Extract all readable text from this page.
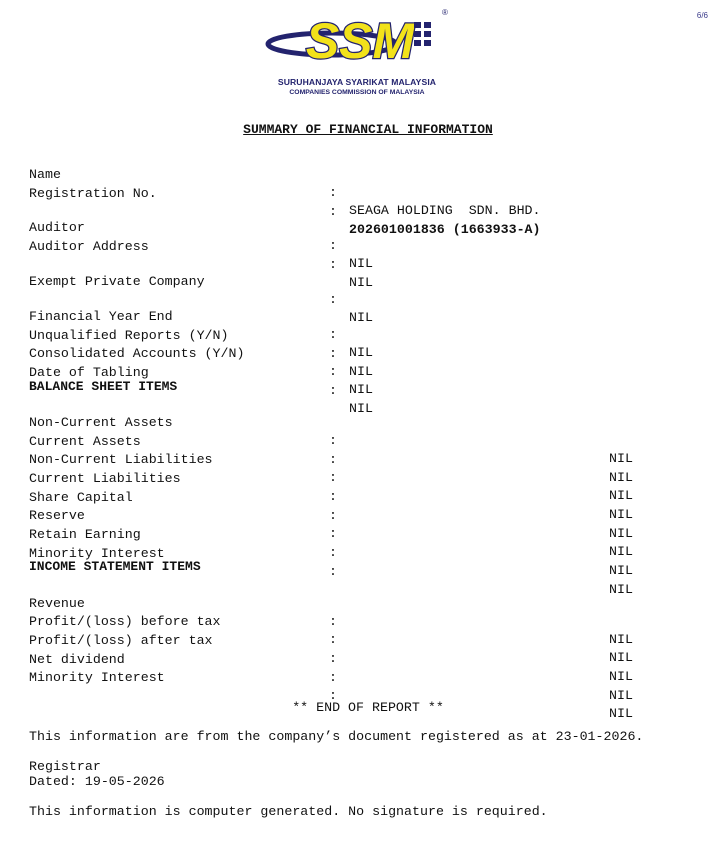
6/6
SSM
®
SURUHANJAYA SYARIKAT MALAYSIA
COMPANIES COMMISSION OF MALAYSIA
SUMMARY OF FINANCIAL INFORMATION

Name

:

SEAGA HOLDING  SDN. BHD.

Registration No.

:

202601001836 (1663933-A)

Auditor

:

NIL

Auditor Address

:

NIL

Exempt Private Company

:

NIL

Financial Year End

:

NIL

Unqualified Reports (Y/N)

:

NIL

Consolidated Accounts (Y/N)

:

NIL

Date of Tabling

:

NIL

BALANCE SHEET ITEMS

Non-Current Assets

:

NIL

Current Assets

:

NIL

Non-Current Liabilities

:

NIL

Current Liabilities

:

NIL

Share Capital

:

NIL

Reserve

:

NIL

Retain Earning

:

NIL

Minority Interest

:

NIL

INCOME STATEMENT ITEMS

Revenue

:

NIL

Profit/(loss) before tax

:

NIL

Profit/(loss) after tax

:

NIL

Net dividend

:

NIL

Minority Interest

:

NIL

** END OF REPORT **
This information are from the company’s document registered as at 23-01-2026.
Registrar
Dated: 19-05-2026
This information is computer generated. No signature is required.
